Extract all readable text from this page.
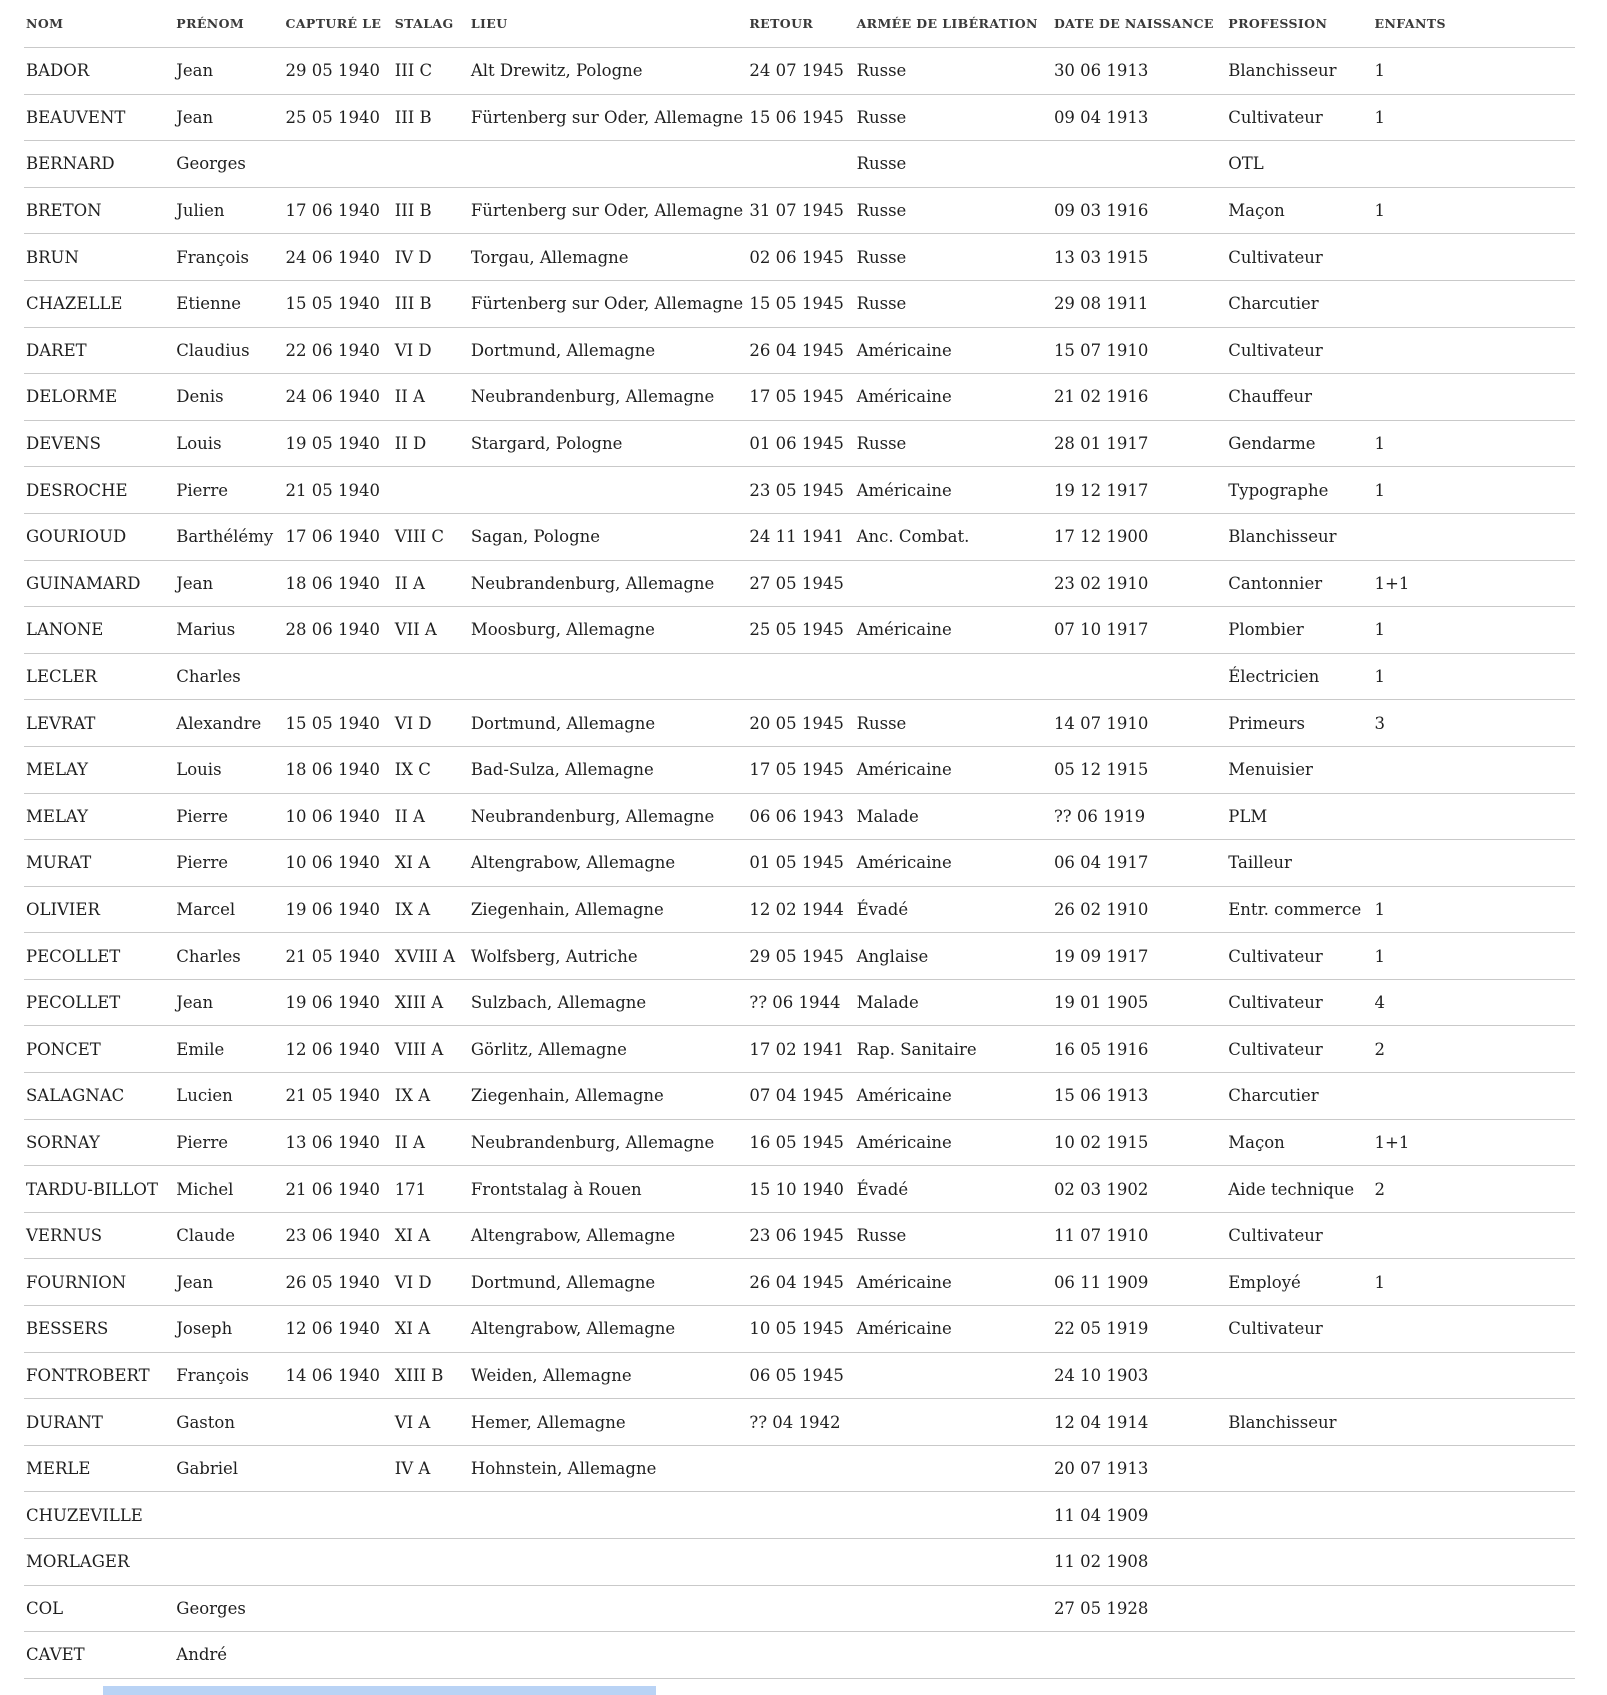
NOM	PRÉNOM	CAPTURÉ LE	STALAG	LIEU	RETOUR	ARMÉE DE LIBÉRATION	DATE DE NAISSANCE	PROFESSION	ENFANTS
BADOR	Jean	29 05 1940	III C	Alt Drewitz, Pologne	24 07 1945	Russe	30 06 1913	Blanchisseur	1
BEAUVENT	Jean	25 05 1940	III B	Fürtenberg sur Oder, Allemagne	15 06 1945	Russe	09 04 1913	Cultivateur	1
BERNARD	Georges					Russe		OTL	
BRETON	Julien	17 06 1940	III B	Fürtenberg sur Oder, Allemagne	31 07 1945	Russe	09 03 1916	Maçon	1
BRUN	François	24 06 1940	IV D	Torgau, Allemagne	02 06 1945	Russe	13 03 1915	Cultivateur	
CHAZELLE	Etienne	15 05 1940	III B	Fürtenberg sur Oder, Allemagne	15 05 1945	Russe	29 08 1911	Charcutier	
DARET	Claudius	22 06 1940	VI D	Dortmund, Allemagne	26 04 1945	Américaine	15 07 1910	Cultivateur	
DELORME	Denis	24 06 1940	II A	Neubrandenburg, Allemagne	17 05 1945	Américaine	21 02 1916	Chauffeur	
DEVENS	Louis	19 05 1940	II D	Stargard, Pologne	01 06 1945	Russe	28 01 1917	Gendarme	1
DESROCHE	Pierre	21 05 1940			23 05 1945	Américaine	19 12 1917	Typographe	1
GOURIOUD	Barthélémy	17 06 1940	VIII C	Sagan, Pologne	24 11 1941	Anc. Combat.	17 12 1900	Blanchisseur	
GUINAMARD	Jean	18 06 1940	II A	Neubrandenburg, Allemagne	27 05 1945		23 02 1910	Cantonnier	1+1
LANONE	Marius	28 06 1940	VII A	Moosburg, Allemagne	25 05 1945	Américaine	07 10 1917	Plombier	1
LECLER	Charles							Électricien	1
LEVRAT	Alexandre	15 05 1940	VI D	Dortmund, Allemagne	20 05 1945	Russe	14 07 1910	Primeurs	3
MELAY	Louis	18 06 1940	IX C	Bad-Sulza, Allemagne	17 05 1945	Américaine	05 12 1915	Menuisier	
MELAY	Pierre	10 06 1940	II A	Neubrandenburg, Allemagne	06 06 1943	Malade	?? 06 1919	PLM	
MURAT	Pierre	10 06 1940	XI A	Altengrabow, Allemagne	01 05 1945	Américaine	06 04 1917	Tailleur	
OLIVIER	Marcel	19 06 1940	IX A	Ziegenhain, Allemagne	12 02 1944	Évadé	26 02 1910	Entr. commerce	1
PECOLLET	Charles	21 05 1940	XVIII A	Wolfsberg, Autriche	29 05 1945	Anglaise	19 09 1917	Cultivateur	1
PECOLLET	Jean	19 06 1940	XIII A	Sulzbach, Allemagne	?? 06 1944	Malade	19 01 1905	Cultivateur	4
PONCET	Emile	12 06 1940	VIII A	Görlitz, Allemagne	17 02 1941	Rap. Sanitaire	16 05 1916	Cultivateur	2
SALAGNAC	Lucien	21 05 1940	IX A	Ziegenhain, Allemagne	07 04 1945	Américaine	15 06 1913	Charcutier	
SORNAY	Pierre	13 06 1940	II A	Neubrandenburg, Allemagne	16 05 1945	Américaine	10 02 1915	Maçon	1+1
TARDU-BILLOT	Michel	21 06 1940	171	Frontstalag à Rouen	15 10 1940	Évadé	02 03 1902	Aide technique	2
VERNUS	Claude	23 06 1940	XI A	Altengrabow, Allemagne	23 06 1945	Russe	11 07 1910	Cultivateur	
FOURNION	Jean	26 05 1940	VI D	Dortmund, Allemagne	26 04 1945	Américaine	06 11 1909	Employé	1
BESSERS	Joseph	12 06 1940	XI A	Altengrabow, Allemagne	10 05 1945	Américaine	22 05 1919	Cultivateur	
FONTROBERT	François	14 06 1940	XIII B	Weiden, Allemagne	06 05 1945		24 10 1903		
DURANT	Gaston		VI A	Hemer, Allemagne	?? 04 1942		12 04 1914	Blanchisseur	
MERLE	Gabriel		IV A	Hohnstein, Allemagne			20 07 1913		
CHUZEVILLE							11 04 1909		
MORLAGER							11 02 1908		
COL	Georges						27 05 1928		
CAVET	André								
